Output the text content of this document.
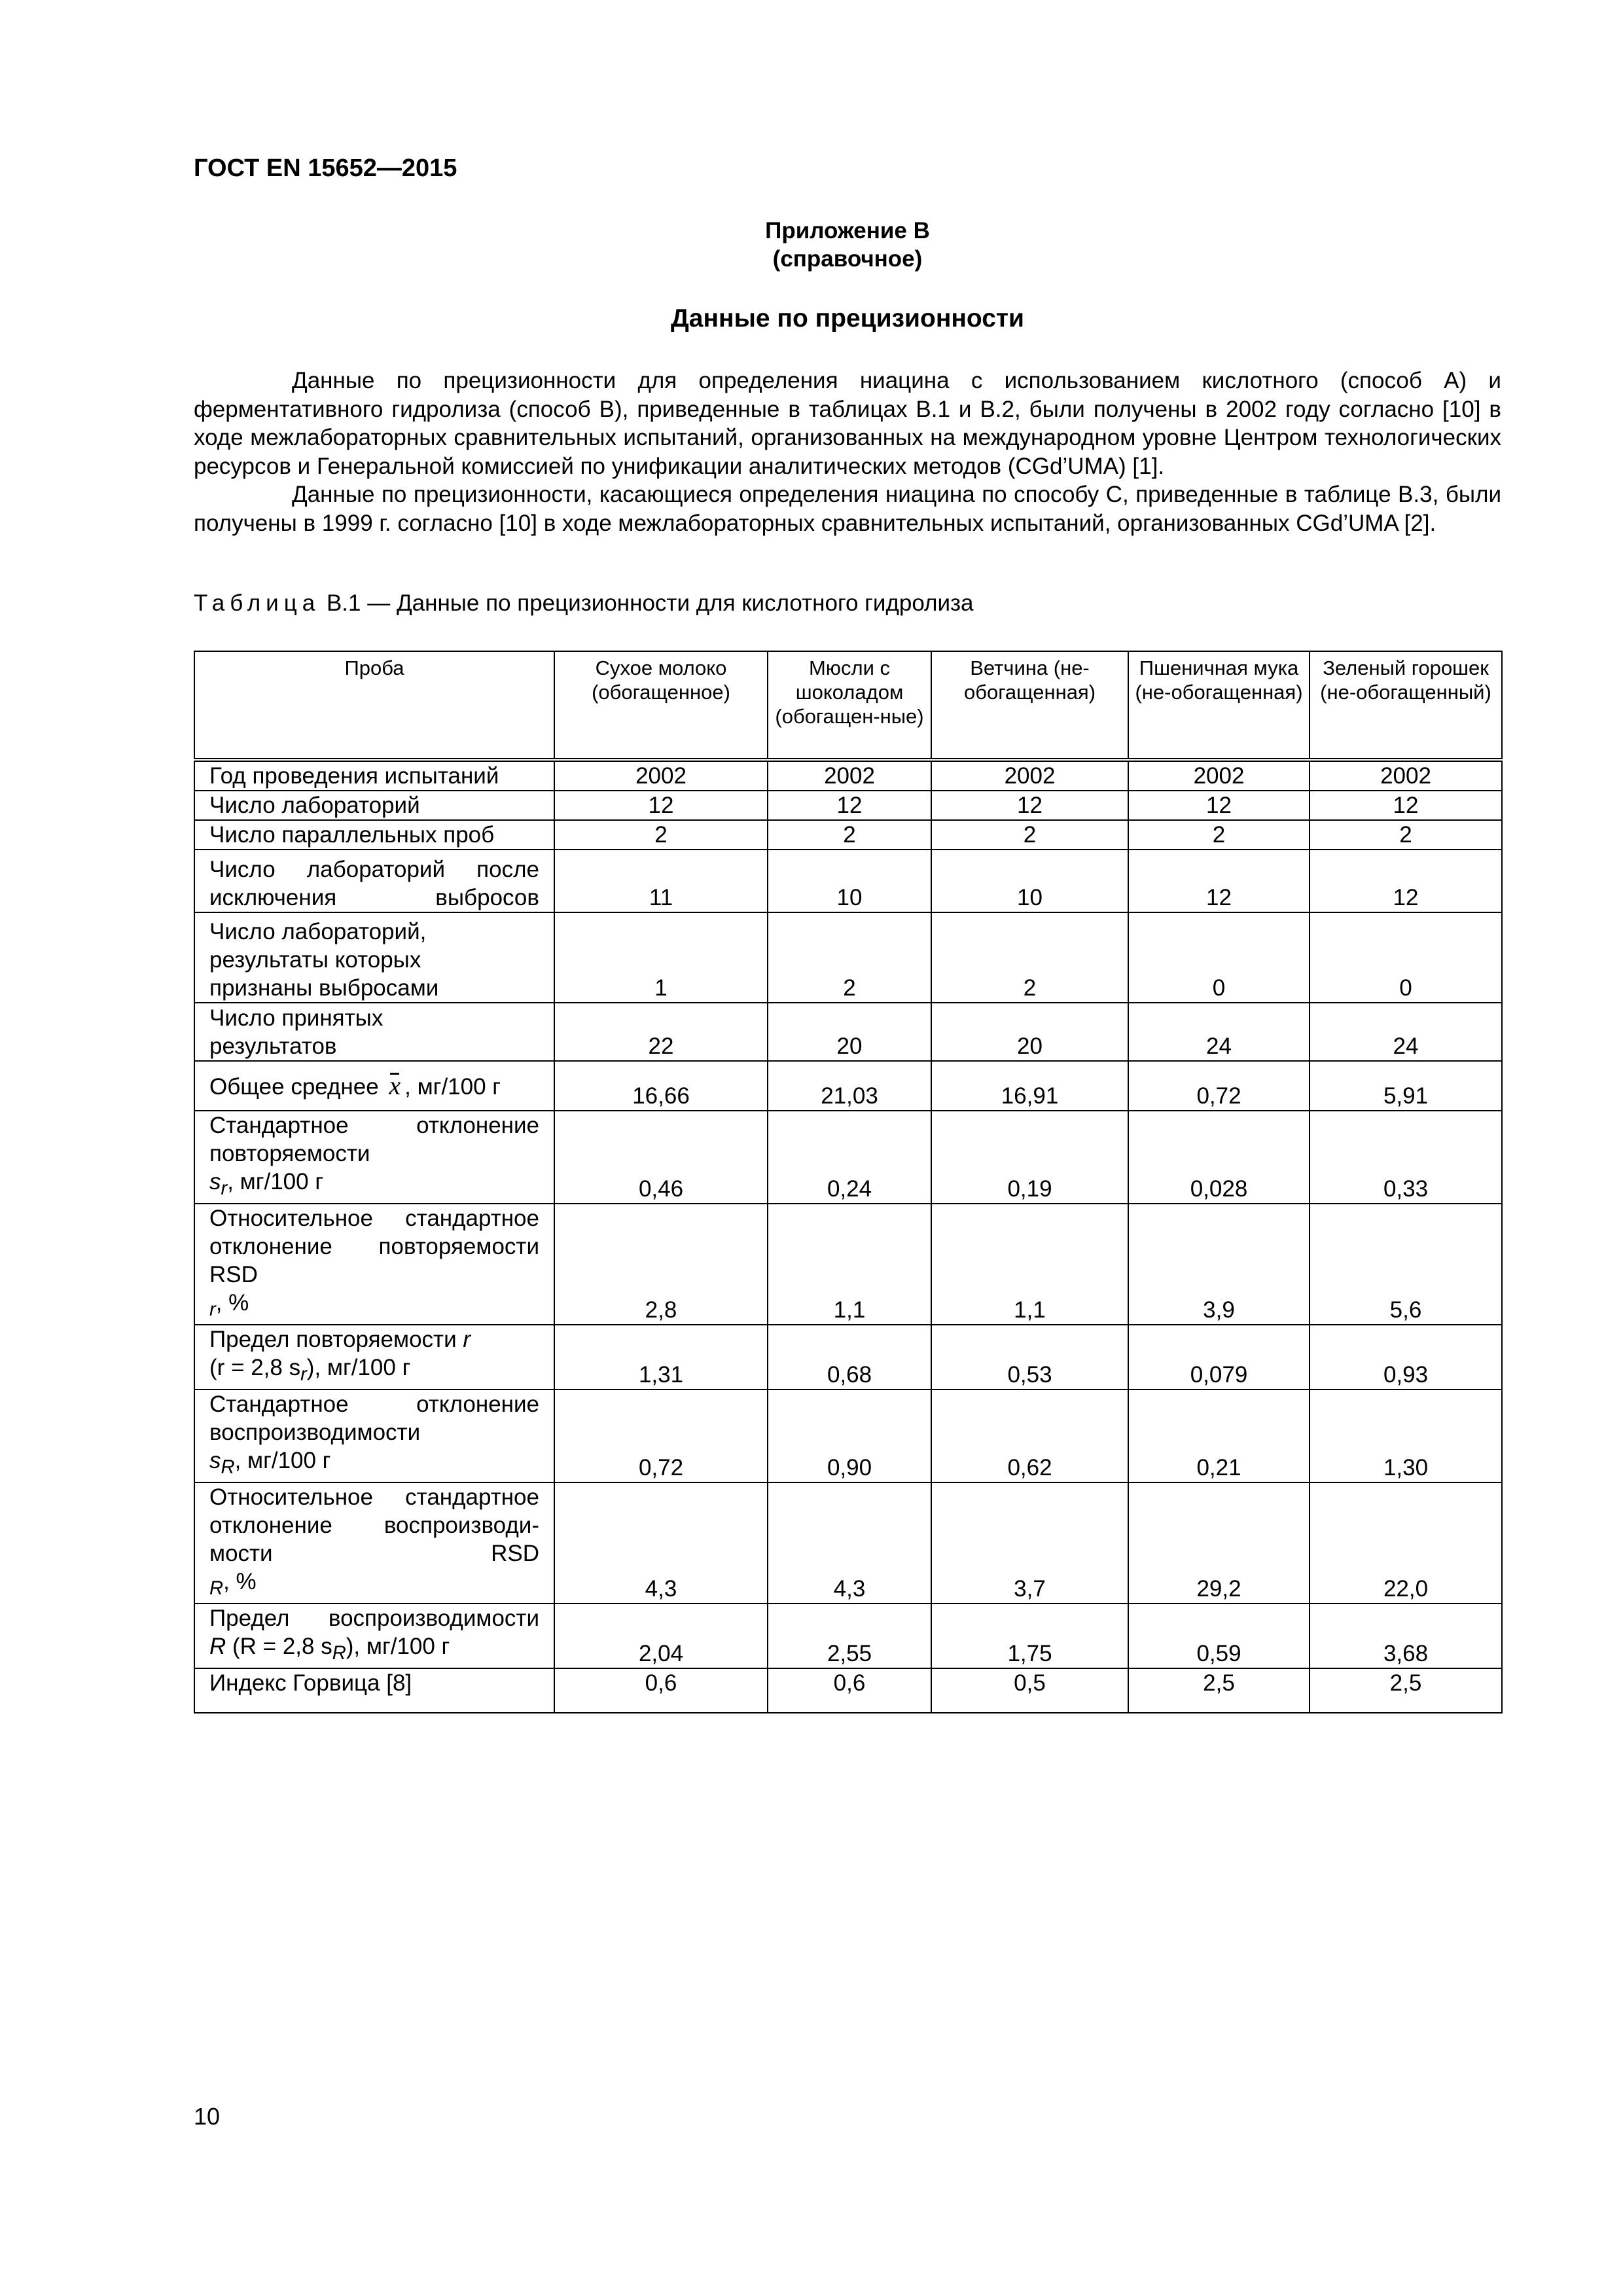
ГОСТ EN 15652—2015
Приложение В
(справочное)
Данные по прецизионности

Данные по прецизионности для определения ниацина с использованием кислотного (способ А) и ферментативного гидролиза (способ В), приведенные в таблицах В.1 и В.2, были получены в 2002 году согласно [10] в ходе межлабораторных сравнительных испытаний, организованных на международном уровне Центром технологических ресурсов и Генеральной комиссией по унификации аналитических методов (CGd’UMA) [1].

Данные по прецизионности, касающиеся определения ниацина по способу С, приведенные в таблице В.3, были получены в 1999 г. согласно [10] в ходе межлабораторных сравнительных испытаний, организованных CGd’UMA [2].

Таблица В.1 — Данные по прецизионности для кислотного гидролиза
Проба	Сухое молоко (обогащенное)	Мюсли с шоколадом (обогащен-ные)	Ветчина (не-обогащенная)	Пшеничная мука (не-обогащенная)	Зеленый горошек (не-обогащенный)
Год проведения испытаний	2002	2002	2002	2002	2002
Число лабораторий	12	12	12	12	12
Число параллельных проб	2	2	2	2	2

Число лабораторий после исключения выбросов	11	10	10	12	12
Число лабораторий, результаты которых признаны выбросами	1	2	2	0	0
Число принятых результатов	22	20	20	24	24
Общее среднее x , мг/100 г	16,66	21,03	16,91	0,72	5,91

Стандартное отклонение повторяемости
$s_r$, мг/100 г	0,46	0,24	0,19	0,028	0,33

Относительное стандартное отклонение повторяемости RSD
$_r$, %	2,8	1,1	1,1	3,9	5,6
Предел повторяемости r
(r = 2,8 $s_r$), мг/100 г	1,31	0,68	0,53	0,079	0,93

Стандартное отклонение воспроизводимости
$s_R$, мг/100 г	0,72	0,90	0,62	0,21	1,30

Относительное стандартное отклонение воспроизводи-мости RSD
$_R$, %	4,3	4,3	3,7	29,2	22,0

Предел воспроизводимости
R (R = 2,8 $s_R$), мг/100 г	2,04	2,55	1,75	0,59	3,68
Индекс Горвица [8]	0,6	0,6	0,5	2,5	2,5
10
